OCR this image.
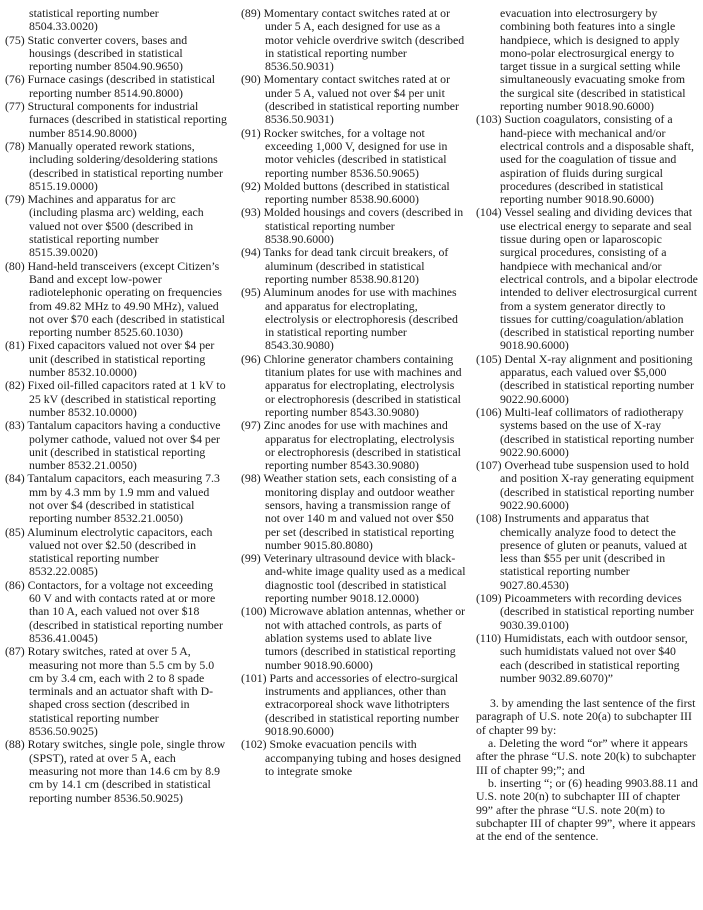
statistical reporting number 8504.33.0020)

(75) Static converter covers, bases and housings (described in statistical reporting number 8504.90.9650)

(76) Furnace casings (described in statistical reporting number 8514.90.8000)

(77) Structural components for industrial furnaces (described in statistical reporting number 8514.90.8000)

(78) Manually operated rework stations, including soldering/desoldering stations (described in statistical reporting number 8515.19.0000)

(79) Machines and apparatus for arc (including plasma arc) welding, each valued not over $500 (described in statistical reporting number 8515.39.0020)

(80) Hand-held transceivers (except Citizen’s Band and except low-power radiotelephonic operating on frequencies from 49.82 MHz to 49.90 MHz), valued not over $70 each (described in statistical reporting number 8525.60.1030)

(81) Fixed capacitors valued not over $4 per unit (described in statistical reporting number 8532.10.0000)

(82) Fixed oil-filled capacitors rated at 1 kV to 25 kV (described in statistical reporting number 8532.10.0000)

(83) Tantalum capacitors having a conductive polymer cathode, valued not over $4 per unit (described in statistical reporting number 8532.21.0050)

(84) Tantalum capacitors, each measuring 7.3 mm by 4.3 mm by 1.9 mm and valued not over $4 (described in statistical reporting number 8532.21.0050)

(85) Aluminum electrolytic capacitors, each valued not over $2.50 (described in statistical reporting number 8532.22.0085)

(86) Contactors, for a voltage not exceeding 60 V and with contacts rated at or more than 10 A, each valued not over $18 (described in statistical reporting number 8536.41.0045)

(87) Rotary switches, rated at over 5 A, measuring not more than 5.5 cm by 5.0 cm by 3.4 cm, each with 2 to 8 spade terminals and an actuator shaft with D-shaped cross section (described in statistical reporting number 8536.50.9025)

(88) Rotary switches, single pole, single throw (SPST), rated at over 5 A, each measuring not more than 14.6 cm by 8.9 cm by 14.1 cm (described in statistical reporting number 8536.50.9025)

(89) Momentary contact switches rated at or under 5 A, each designed for use as a motor vehicle overdrive switch (described in statistical reporting number 8536.50.9031)

(90) Momentary contact switches rated at or under 5 A, valued not over $4 per unit (described in statistical reporting number 8536.50.9031)

(91) Rocker switches, for a voltage not exceeding 1,000 V, designed for use in motor vehicles (described in statistical reporting number 8536.50.9065)

(92) Molded buttons (described in statistical reporting number 8538.90.6000)

(93) Molded housings and covers (described in statistical reporting number 8538.90.6000)

(94) Tanks for dead tank circuit breakers, of aluminum (described in statistical reporting number 8538.90.8120)

(95) Aluminum anodes for use with machines and apparatus for electroplating, electrolysis or electrophoresis (described in statistical reporting number 8543.30.9080)

(96) Chlorine generator chambers containing titanium plates for use with machines and apparatus for electroplating, electrolysis or electrophoresis (described in statistical reporting number 8543.30.9080)

(97) Zinc anodes for use with machines and apparatus for electroplating, electrolysis or electrophoresis (described in statistical reporting number 8543.30.9080)

(98) Weather station sets, each consisting of a monitoring display and outdoor weather sensors, having a transmission range of not over 140 m and valued not over $50 per set (described in statistical reporting number 9015.80.8080)

(99) Veterinary ultrasound device with black-and-white image quality used as a medical diagnostic tool (described in statistical reporting number 9018.12.0000)

(100) Microwave ablation antennas, whether or not with attached controls, as parts of ablation systems used to ablate live tumors (described in statistical reporting number 9018.90.6000)

(101) Parts and accessories of electro-surgical instruments and appliances, other than extracorporeal shock wave lithotripters (described in statistical reporting number 9018.90.6000)

(102) Smoke evacuation pencils with accompanying tubing and hoses designed to integrate smoke

evacuation into electrosurgery by combining both features into a single handpiece, which is designed to apply mono-polar electrosurgical energy to target tissue in a surgical setting while simultaneously evacuating smoke from the surgical site (described in statistical reporting number 9018.90.6000)

(103) Suction coagulators, consisting of a hand-piece with mechanical and/or electrical controls and a disposable shaft, used for the coagulation of tissue and aspiration of fluids during surgical procedures (described in statistical reporting number 9018.90.6000)

(104) Vessel sealing and dividing devices that use electrical energy to separate and seal tissue during open or laparoscopic surgical procedures, consisting of a handpiece with mechanical and/or electrical controls, and a bipolar electrode intended to deliver electrosurgical current from a system generator directly to tissues for cutting/coagulation/ablation (described in statistical reporting number 9018.90.6000)

(105) Dental X-ray alignment and positioning apparatus, each valued over $5,000 (described in statistical reporting number 9022.90.6000)

(106) Multi-leaf collimators of radiotherapy systems based on the use of X-ray (described in statistical reporting number 9022.90.6000)

(107) Overhead tube suspension used to hold and position X-ray generating equipment (described in statistical reporting number 9022.90.6000)

(108) Instruments and apparatus that chemically analyze food to detect the presence of gluten or peanuts, valued at less than $55 per unit (described in statistical reporting number 9027.80.4530)

(109) Picoammeters with recording devices (described in statistical reporting number 9030.39.0100)

(110) Humidistats, each with outdoor sensor, such humidistats valued not over $40 each (described in statistical reporting number 9032.89.6070)”

3. by amending the last sentence of the first paragraph of U.S. note 20(a) to subchapter III of chapter 99 by:

a. Deleting the word “or” where it appears after the phrase “U.S. note 20(k) to subchapter III of chapter 99;”; and

b. inserting “; or (6) heading 9903.88.11 and U.S. note 20(n) to subchapter III of chapter 99” after the phrase “U.S. note 20(m) to subchapter III of chapter 99”, where it appears at the end of the sentence.
